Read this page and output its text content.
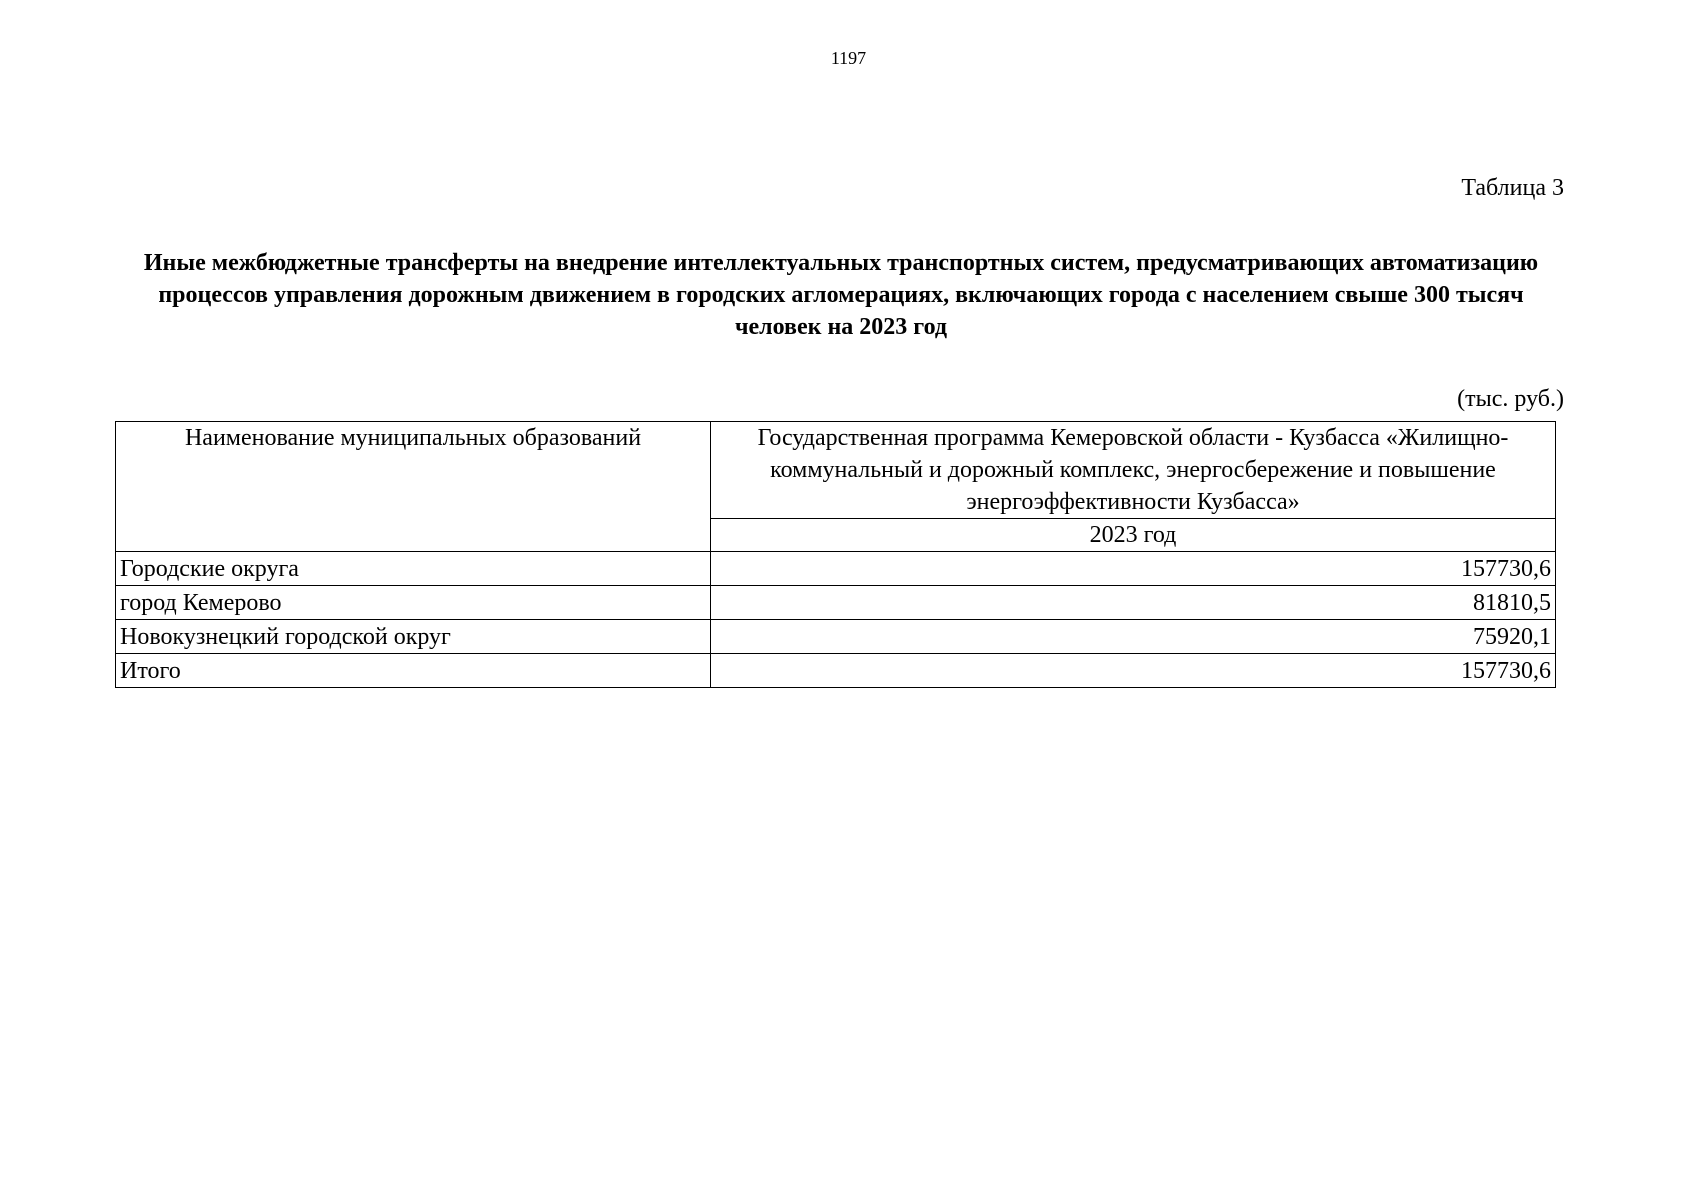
1197
Таблица 3
Иные межбюджетные трансферты на внедрение интеллектуальных транспортных систем, предусматривающих автоматизацию процессов управления дорожным движением в городских агломерациях, включающих города с населением свыше 300 тысяч человек на 2023 год
(тыс. руб.)
Наименование муниципальных образований	Государственная программа Кемеровской области - Кузбасса «Жилищно-коммунальный и дорожный комплекс, энергосбережение и повышение энергоэффективности Кузбасса»
	2023 год
Городские округа	157730,6
город Кемерово	81810,5
Новокузнецкий городской округ	75920,1
Итого	157730,6
